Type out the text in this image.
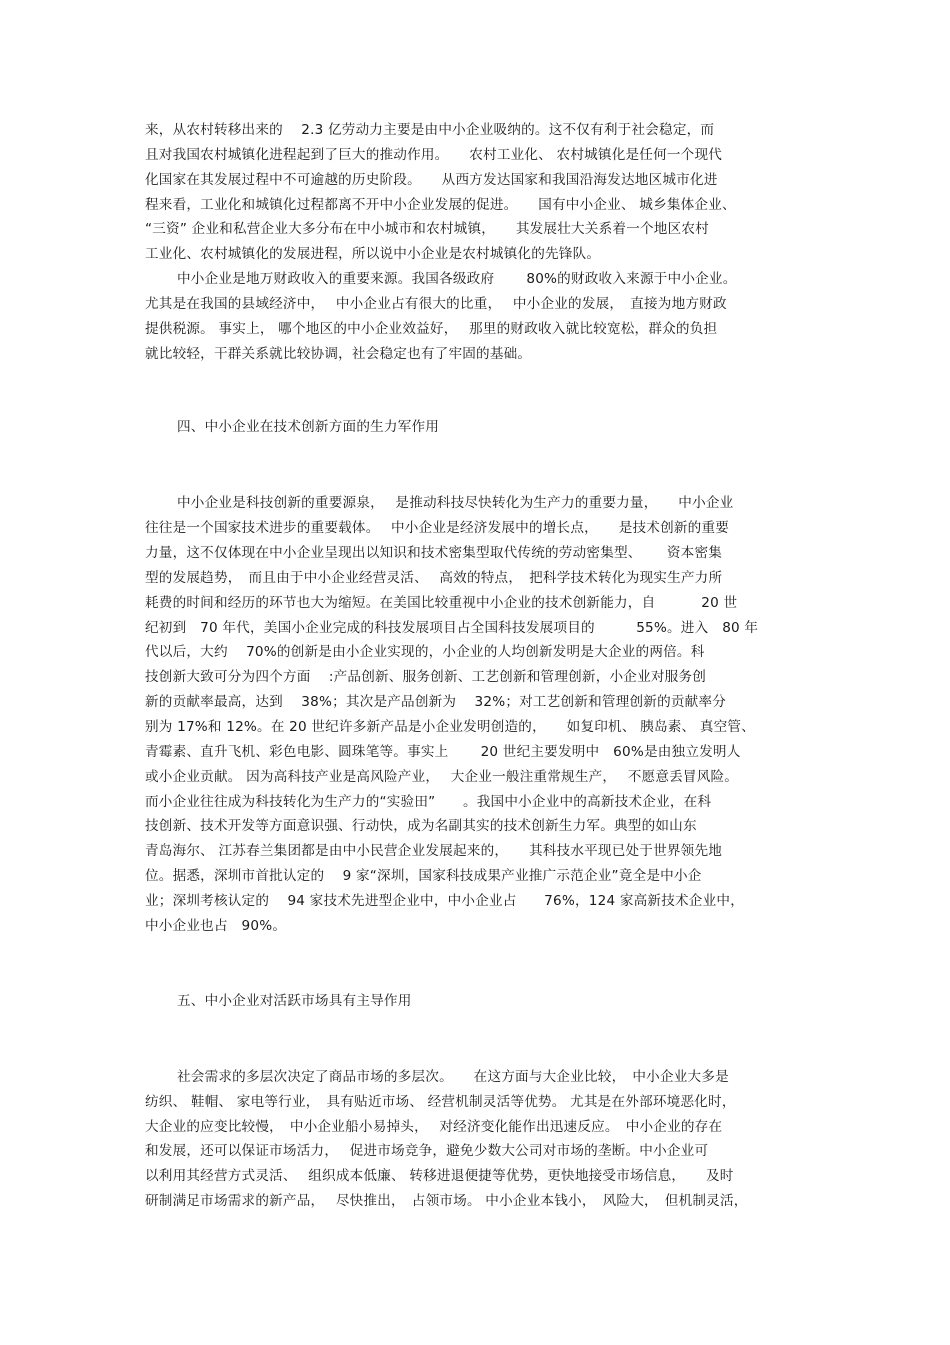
来，从农村转移出来的　 2.3 亿劳动力主要是由中小企业吸纳的。这不仅有利于社会稳定，而
且对我国农村城镇化进程起到了巨大的推动作用。　　农村工业化、 农村城镇化是任何一个现代
化国家在其发展过程中不可逾越的历史阶段。　　从西方发达国家和我国沿海发达地区城市化进
程来看，工业化和城镇化过程都离不开中小企业发展的促进。　　国有中小企业、 城乡集体企业、
“三资” 企业和私营企业大多分布在中小城市和农村城镇，　　其发展壮大关系着一个地区农村
工业化、农村城镇化的发展进程，所以说中小企业是农村城镇化的先锋队。
中小企业是地万财政收入的重要来源。我国各级政府　　 80%的财政收入来源于中小企业。
尤其是在我国的县域经济中，　 中小企业占有很大的比重，　 中小企业的发展，　直接为地方财政
提供税源。 事实上， 哪个地区的中小企业效益好，　 那里的财政收入就比较宽松，群众的负担
就比较轻，干群关系就比较协调，社会稳定也有了牢固的基础。
四、中小企业在技术创新方面的生力军作用
中小企业是科技创新的重要源泉，　 是推动科技尽快转化为生产力的重要力量，　　中小企业
往往是一个国家技术进步的重要载体。　 中小企业是经济发展中的增长点，　　是技术创新的重要
力量，这不仅体现在中小企业呈现出以知识和技术密集型取代传统的劳动密集型、　　 资本密集
型的发展趋势，　而且由于中小企业经营灵活、　 高效的特点，　把科学技术转化为现实生产力所
耗费的时间和经历的环节也大为缩短。在美国比较重视中小企业的技术创新能力，自　　　 20 世
纪初到　70 年代，美国小企业完成的科技发展项目占全国科技发展项目的　　　55%。进入　80 年
代以后，大约　 70%的创新是由小企业实现的，小企业的人均创新发明是大企业的两倍。科
技创新大致可分为四个方面　 :产品创新、服务创新、工艺创新和管理创新，小企业对服务创
新的贡献率最高，达到　 38%；其次是产品创新为　 32%；对工艺创新和管理创新的贡献率分
别为 17%和 12%。在 20 世纪许多新产品是小企业发明创造的，　　如复印机、 胰岛素、 真空管、
青霉素、直升飞机、彩色电影、圆珠笔等。事实上　　 20 世纪主要发明中　60%是由独立发明人
或小企业贡献。 因为高科技产业是高风险产业，　 大企业一般注重常规生产，　 不愿意丢冒风险。
而小企业往往成为科技转化为生产力的“实验田”　　。我国中小企业中的高新技术企业，在科
技创新、技术开发等方面意识强、行动快，成为名副其实的技术创新生力军。典型的如山东
青岛海尔、 江苏春兰集团都是由中小民营企业发展起来的，　　其科技水平现已处于世界领先地
位。据悉，深圳市首批认定的　 9 家“深圳，国家科技成果产业推广示范企业”竟全是中小企
业；深圳考核认定的　 94 家技术先进型企业中，中小企业占　　76%，124 家高新技术企业中，
中小企业也占　90%。
五、中小企业对活跃市场具有主导作用
社会需求的多层次决定了商品市场的多层次。　　在这方面与大企业比较，　中小企业大多是
纺织、 鞋帽、 家电等行业，　具有贴近市场、 经营机制灵活等优势。 尤其是在外部环境恶化时，
大企业的应变比较慢，　中小企业船小易掉头，　 对经济变化能作出迅速反应。　中小企业的存在
和发展，还可以保证市场活力，　 促进市场竞争，避免少数大公司对市场的垄断。中小企业可
以利用其经营方式灵活、　 组织成本低廉、 转移进退便捷等优势，更快地接受市场信息，　　及时
研制满足市场需求的新产品，　 尽快推出，　占领市场。 中小企业本钱小，　风险大，　但机制灵活，
